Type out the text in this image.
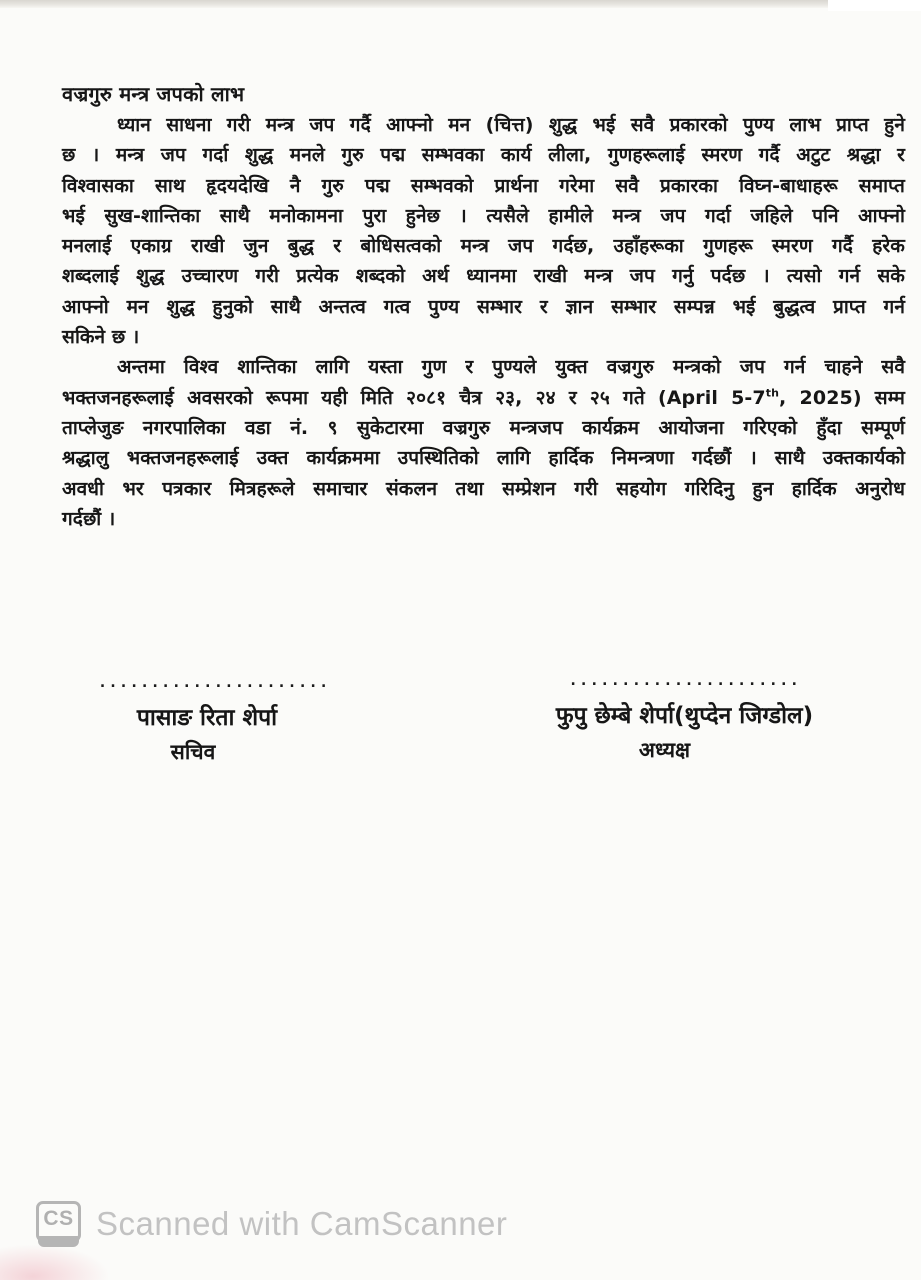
वज्रगुरु मन्त्र जपको लाभ
ध्यान साधना गरी मन्त्र जप गर्दै आफ्नो मन (चित्त) शुद्ध भई सवै प्रकारको पुण्य लाभ प्राप्त हुने
छ । मन्त्र जप गर्दा शुद्ध मनले गुरु पद्म सम्भवका कार्य लीला, गुणहरूलाई स्मरण गर्दै अटुट श्रद्धा र
विश्वासका साथ हृदयदेखि नै गुरु पद्म सम्भवको प्रार्थना गरेमा सवै प्रकारका विघ्न-बाधाहरू समाप्त
भई सुख-शान्तिका साथै मनोकामना पुरा हुनेछ । त्यसैले हामीले मन्त्र जप गर्दा जहिले पनि आफ्नो
मनलाई एकाग्र राखी जुन बुद्ध र बोधिसत्वको मन्त्र जप गर्दछ, उहाँहरूका गुणहरू स्मरण गर्दै हरेक
शब्दलाई शुद्ध उच्चारण गरी प्रत्येक शब्दको अर्थ ध्यानमा राखी मन्त्र जप गर्नु पर्दछ । त्यसो गर्न सके
आफ्नो मन शुद्ध हुनुको साथै अन्तत्व गत्व पुण्य सम्भार र ज्ञान सम्भार सम्पन्न भई बुद्धत्व प्राप्त गर्न
सकिने छ ।
अन्तमा विश्व शान्तिका लागि यस्ता गुण र पुण्यले युक्त वज्रगुरु मन्त्रको जप गर्न चाहने सवै
भक्तजनहरूलाई अवसरको रूपमा यही मिति २०८१ चैत्र २३, २४ र २५ गते (April 5-7th, 2025) सम्म
ताप्लेजुङ नगरपालिका वडा नं. ९ सुकेटारमा वज्रगुरु मन्त्रजप कार्यक्रम आयोजना गरिएको हुँदा सम्पूर्ण
श्रद्धालु भक्तजनहरूलाई उक्त कार्यक्रममा उपस्थितिको लागि हार्दिक निमन्त्रणा गर्दछौं । साथै उक्तकार्यको
अवधी भर पत्रकार मित्रहरूले समाचार संकलन तथा सम्प्रेशन गरी सहयोग गरिदिनु हुन हार्दिक अनुरोध
गर्दछौं ।
......................
पासाङ रिता शेर्पा
सचिव
......................
फुपु छेम्बे शेर्पा(थुप्देन जिग्डोल)
अध्यक्ष
CS Scanned with CamScanner
